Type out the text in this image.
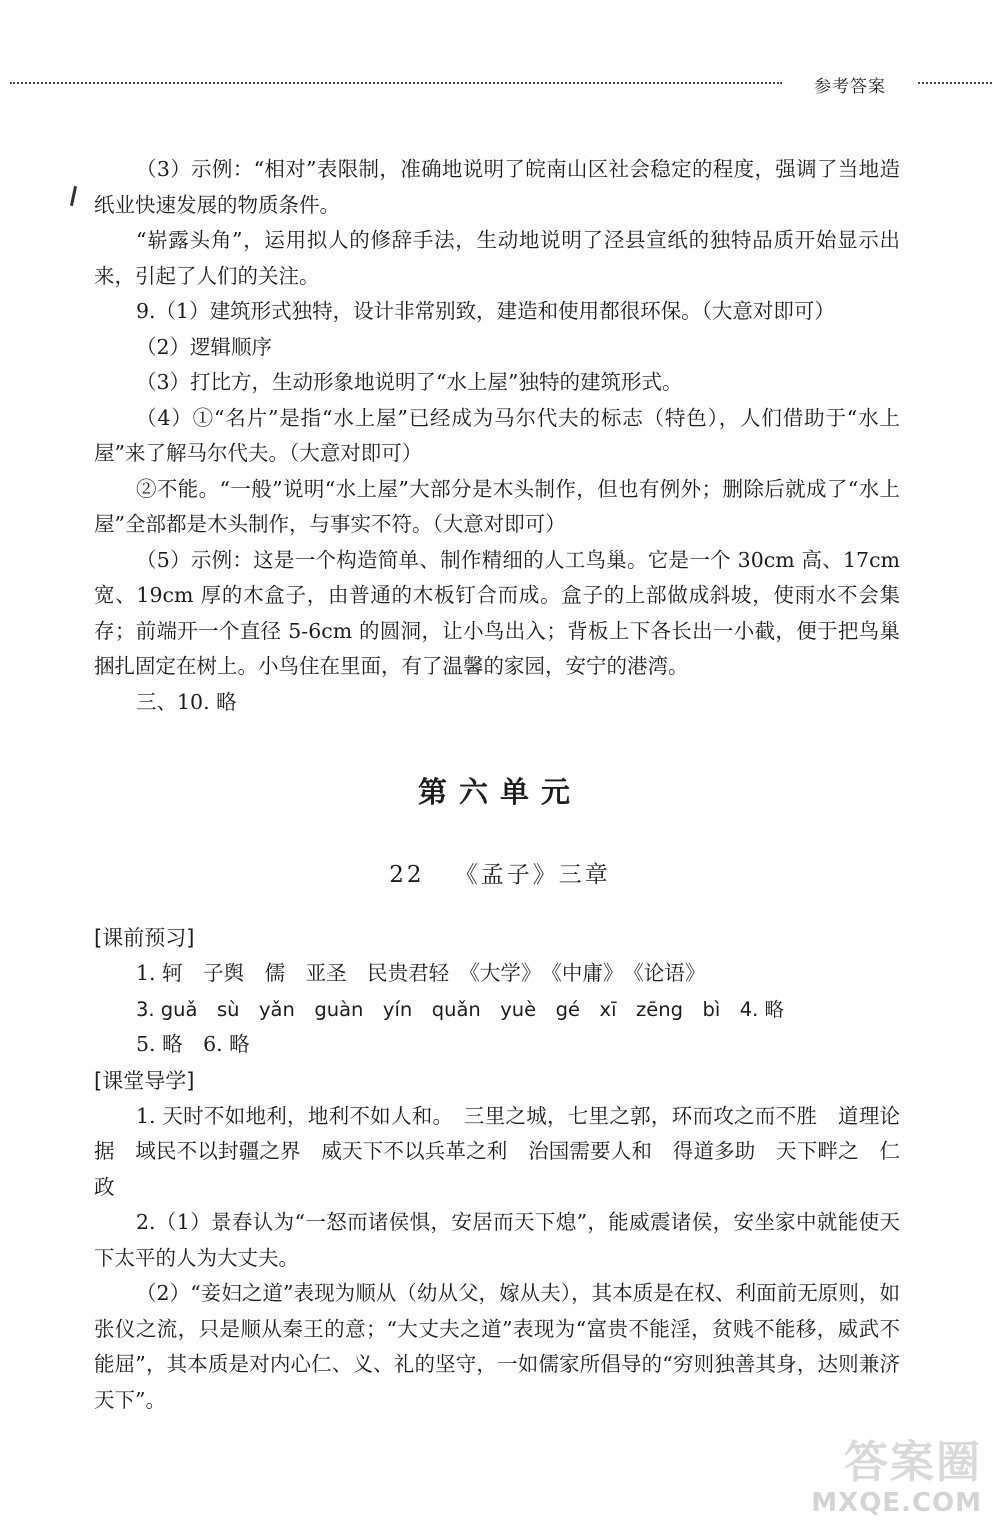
参考答案

（3）示例：“相对”表限制，准确地说明了皖南山区社会稳定的程度，强调了当地造纸业快速发展的物质条件。

“崭露头角”，运用拟人的修辞手法，生动地说明了泾县宣纸的独特品质开始显示出来，引起了人们的关注。

9.（1）建筑形式独特，设计非常别致，建造和使用都很环保。（大意对即可）

（2）逻辑顺序

（3）打比方，生动形象地说明了“水上屋”独特的建筑形式。

（4）①“名片”是指“水上屋”已经成为马尔代夫的标志（特色），人们借助于“水上屋”来了解马尔代夫。（大意对即可）

②不能。“一般”说明“水上屋”大部分是木头制作，但也有例外；删除后就成了“水上屋”全部都是木头制作，与事实不符。（大意对即可）

（5）示例：这是一个构造简单、制作精细的人工鸟巢。它是一个 30cm 高、17cm 宽、19cm 厚的木盒子，由普通的木板钉合而成。盒子的上部做成斜坡，使雨水不会集存；前端开一个直径 5-6cm 的圆洞，让小鸟出入；背板上下各长出一小截，便于把鸟巢捆扎固定在树上。小鸟住在里面，有了温馨的家园，安宁的港湾。

三、10. 略

第六单元
22 《孟子》三章

[课前预习]

1. 轲　子舆　儒　亚圣　民贵君轻　《大学》　《中庸》　《论语》

3. guǎ　sù　yǎn　guàn　yín　quǎn　yuè　gé　xī　zēng　bì　4. 略

5. 略　6. 略

[课堂导学]

1. 天时不如地利，地利不如人和。　三里之城，七里之郭，环而攻之而不胜　道理论据　域民不以封疆之界　威天下不以兵革之利　治国需要人和　得道多助　天下畔之　仁政

2.（1）景春认为“一怒而诸侯惧，安居而天下熄”，能威震诸侯，安坐家中就能使天下太平的人为大丈夫。

（2）“妾妇之道”表现为顺从（幼从父，嫁从夫），其本质是在权、利面前无原则，如张仪之流，只是顺从秦王的意；“大丈夫之道”表现为“富贵不能淫，贫贱不能移，威武不能屈”，其本质是对内心仁、义、礼的坚守，一如儒家所倡导的“穷则独善其身，达则兼济天下”。

答案圈
MXQE.COM
